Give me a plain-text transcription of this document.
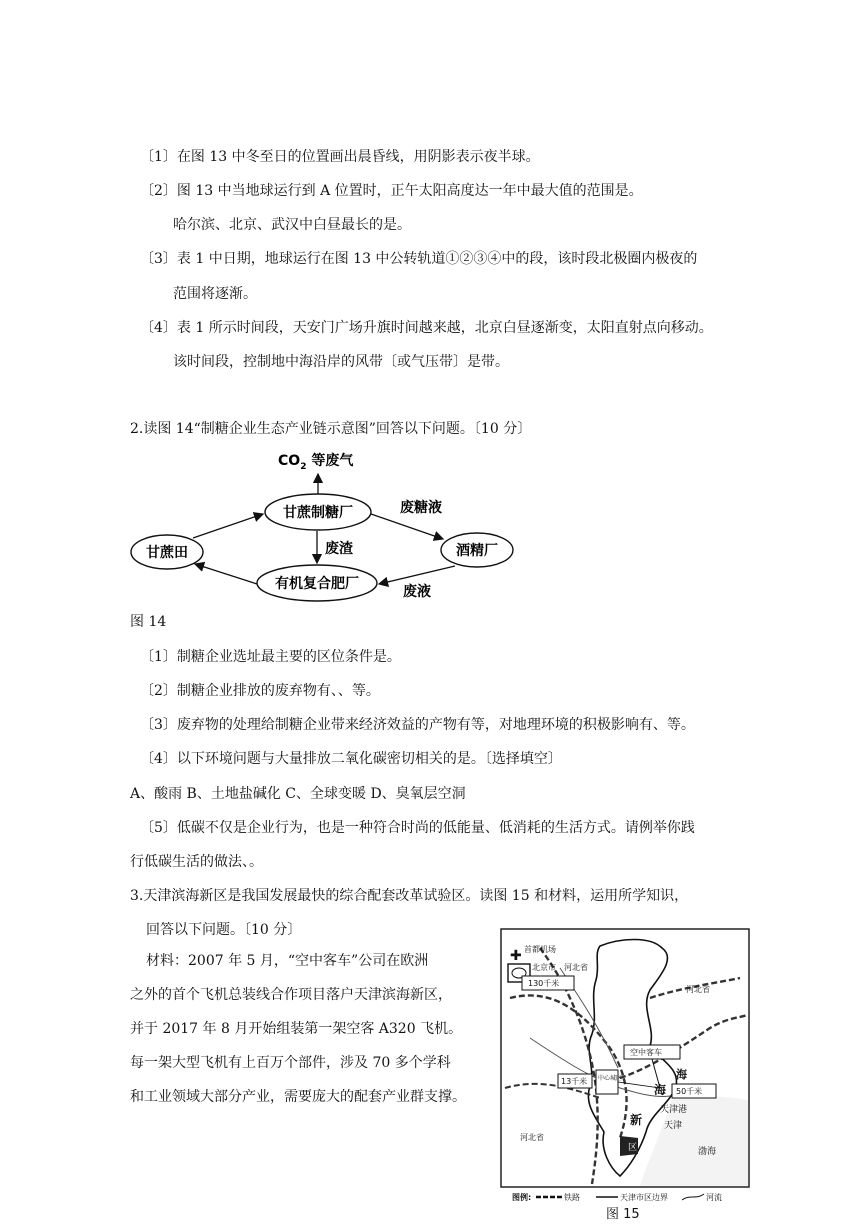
〔1〕在图 13 中冬至日的位置画出晨昏线，用阴影表示夜半球。
〔2〕图 13 中当地球运行到 A 位置时，正午太阳高度达一年中最大值的范围是。
哈尔滨、北京、武汉中白昼最长的是。
〔3〕表 1 中日期，地球运行在图 13 中公转轨道①②③④中的段，该时段北极圈内极夜的
范围将逐渐。
〔4〕表 1 所示时间段，天安门广场升旗时间越来越，北京白昼逐渐变，太阳直射点向移动。
该时间段，控制地中海沿岸的风带〔或气压带〕是带。
2.读图 14“制糖企业生态产业链示意图”回答以下问题。〔10 分〕
$CO_2$ 等废气
甘蔗制糖厂
甘蔗田	酒精厂
有机复合肥厂
废糖液
废渣
废液
图 14
〔1〕制糖企业选址最主要的区位条件是。
〔2〕制糖企业排放的废弃物有、、等。
〔3〕废弃物的处理给制糖企业带来经济效益的产物有等，对地理环境的积极影响有、等。
〔4〕以下环境问题与大量排放二氧化碳密切相关的是。〔选择填空〕
A、酸雨 B、土地盐碱化 C、全球变暖 D、臭氧层空洞
〔5〕低碳不仅是企业行为，也是一种符合时尚的低能量、低消耗的生活方式。请例举你践
行低碳生活的做法、。
3.天津滨海新区是我国发展最快的综合配套改革试验区。读图 15 和材料，运用所学知识，
回答以下问题。〔10 分〕
材料：2007 年 5 月，“空中客车”公司在欧洲
之外的首个飞机总装线合作项目落户天津滨海新区，
并于 2017 年 8 月开始组装第一架空客 A320 飞机。
每一架大型飞机有上百万个部件，涉及 70 多个学科
和工业领域大部分产业，需要庞大的配套产业群支撑。
✚ 首都机场
北京市 河北省
130千米
河北省
空中客车
13千米 中心城区
50千米
海
海
天津港
新 天津
区
河北省
渤海
图例:	铁路	天津市区边界	河流
图 15
